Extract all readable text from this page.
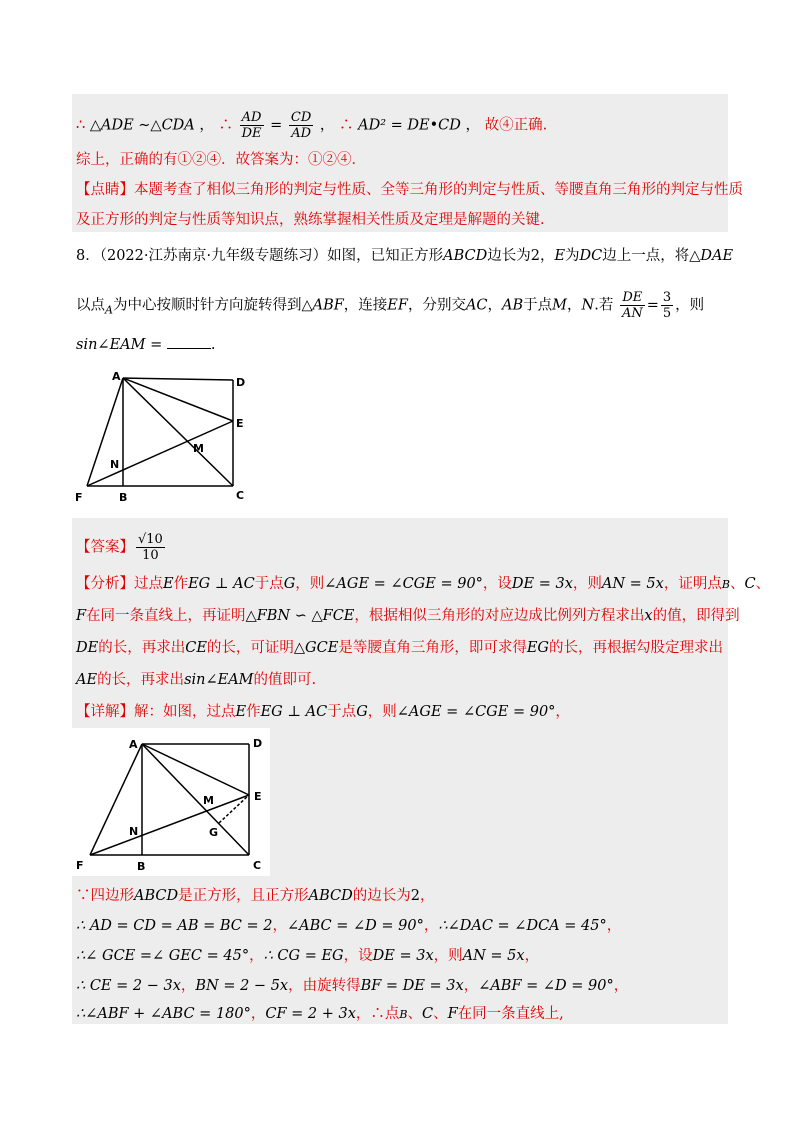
∴ △ADE ∼△CDA ， ∴ $\frac{AD}{DE} = \frac{CD}{AD}$ ， ∴ AD² = DE•CD ， 故④正确.
综上，正确的有①②④．故答案为：①②④．
【点睛】本题考查了相似三角形的判定与性质、全等三角形的判定与性质、等腰直角三角形的判定与性质
及正方形的判定与性质等知识点，熟练掌握相关性质及定理是解题的关键.
8．（2022·江苏南京·九年级专题练习）如图，已知正方形ABCD边长为2，E为DC边上一点，将△DAE
以点$_A$为中心按顺时针方向旋转得到△ABF，连接EF，分别交AC，AB于点M，N.若 $\frac{DE}{AN} = \frac{3}{5}$ ，则
sin∠EAM =	.
A	D
E
C
B
F
M
N
【答案】 $\frac{√10}{10}$
【分析】过点E作EG ⊥ AC于点G，则∠AGE = ∠CGE = 90°，设DE = 3x，则AN = 5x，证明点B、C、
F在同一条直线上，再证明△FBN ∽ △FCE，根据相似三角形的对应边成比例列方程求出x的值，即得到
DE的长，再求出CE的长，可证明△GCE是等腰直角三角形，即可求得EG的长，再根据勾股定理求出
AE的长，再求出sin∠EAM的值即可.
【详解】解：如图，过点E作EG ⊥ AC于点G，则∠AGE = ∠CGE = 90°，
A	D
E
C
B
F
M
N	G
∵四边形ABCD是正方形，且正方形ABCD的边长为2，
∴ AD = CD = AB = BC = 2，∠ABC = ∠D = 90°，∴∠DAC = ∠DCA = 45°，
∴∠ GCE =∠ GEC = 45°，∴ CG = EG，设DE = 3x，则AN = 5x，
∴ CE = 2 − 3x，BN = 2 − 5x，由旋转得BF = DE = 3x，∠ABF = ∠D = 90°，
∴∠ABF + ∠ABC = 180°，CF = 2 + 3x，∴点B、C、F在同一条直线上,
